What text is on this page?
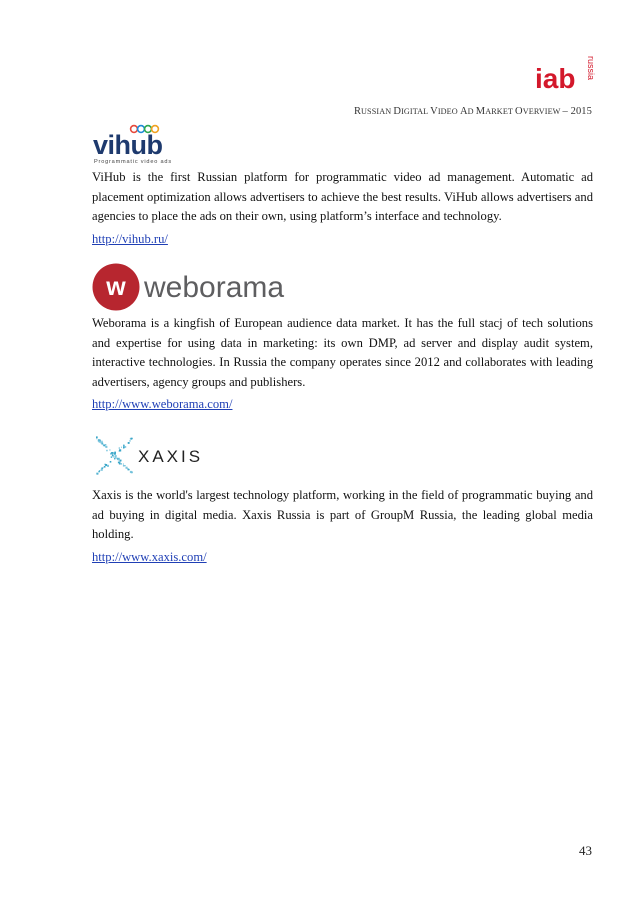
iab russia
RUSSIAN DIGITAL VIDEO AD MARKET OVERVIEW – 2015
vihub
Programmatic video ads

ViHub is the first Russian platform for programmatic video ad management. Automatic ad placement optimization allows advertisers to achieve the best results. ViHub allows advertisers and agencies to place the ads on their own, using platform’s interface and technology.

http://vihub.ru/
w weborama

Weborama is a kingfish of European audience data market. It has the full stacj of tech solutions and expertise for using data in marketing: its own DMP, ad server and display audit system, interactive technologies. In Russia the company operates since 2012 and collaborates with leading advertisers, agency groups and publishers.

http://www.weborama.com/
XAXIS

Xaxis is the world's largest technology platform, working in the field of programmatic buying and ad buying in digital media. Xaxis Russia is part of GroupM Russia, the leading global media holding.

http://www.xaxis.com/
43
